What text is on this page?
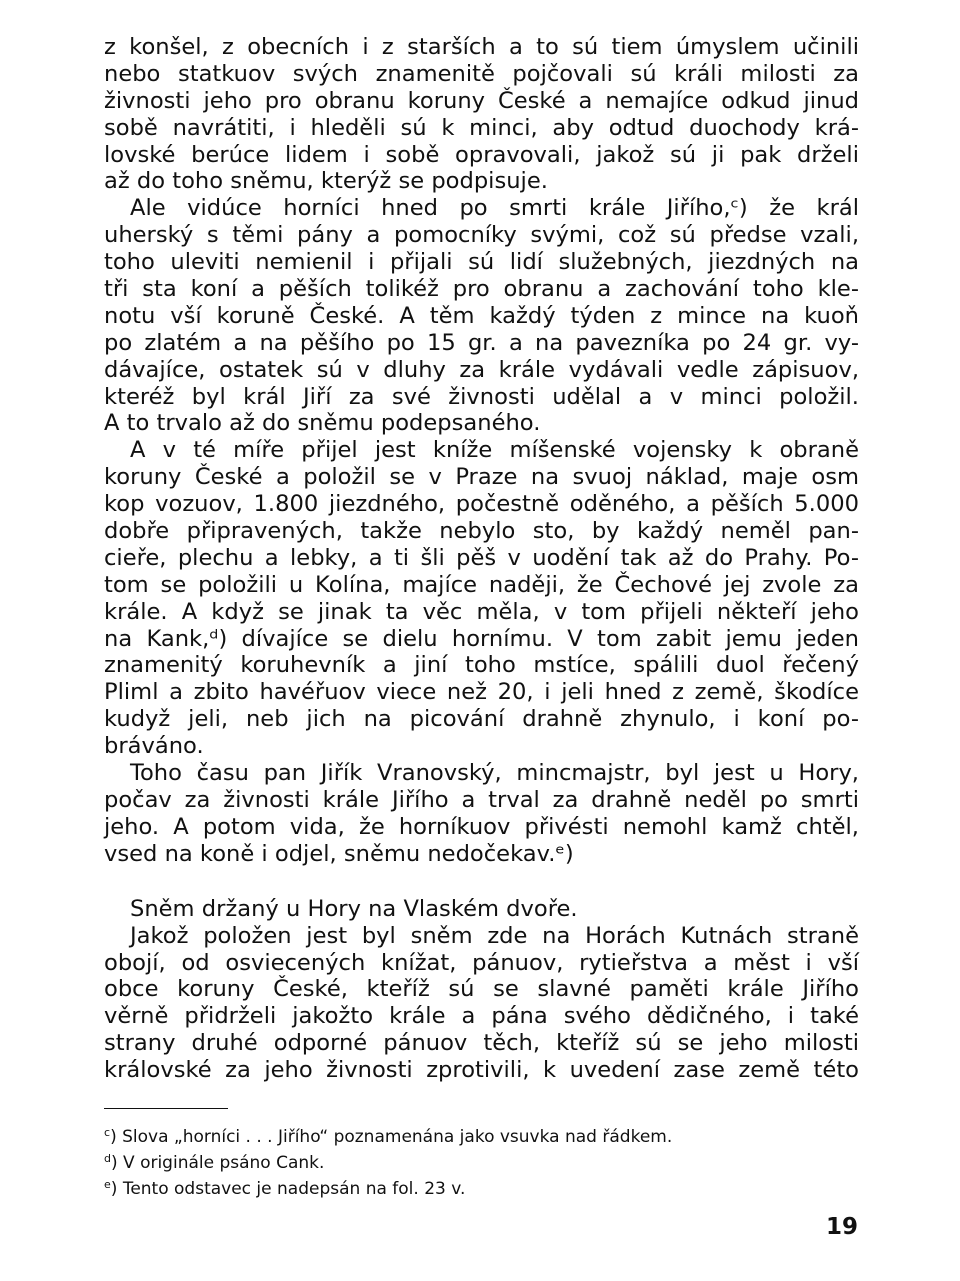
z konšel, z obecních i z starších a to sú tiem úmyslem učinili
nebo statkuov svých znamenitě pojčovali sú králi milosti za
živnosti jeho pro obranu koruny České a nemajíce odkud jinud
sobě navrátiti, i hleděli sú k minci, aby odtud duochody krá-
lovské berúce lidem i sobě opravovali, jakož sú ji pak drželi
až do toho sněmu, kterýž se podpisuje.
Ale vidúce horníci hned po smrti krále Jiřího,ᶜ) že král
uherský s těmi pány a pomocníky svými, což sú předse vzali,
toho uleviti nemienil i přijali sú lidí služebných, jiezdných na
tři sta koní a pěších tolikéž pro obranu a zachování toho kle-
notu vší koruně České. A těm každý týden z mince na kuoň
po zlatém a na pěšího po 15 gr. a na pavezníka po 24 gr. vy-
dávajíce, ostatek sú v dluhy za krále vydávali vedle zápisuov,
kteréž byl král Jiří za své živnosti udělal a v minci položil.
A to trvalo až do sněmu podepsaného.
A v té míře přijel jest kníže míšenské vojensky k obraně
koruny České a položil se v Praze na svuoj náklad, maje osm
kop vozuov, 1.800 jiezdného, počestně oděného, a pěších 5.000
dobře připravených, takže nebylo sto, by každý neměl pan-
cieře, plechu a lebky, a ti šli pěš v uodění tak až do Prahy. Po-
tom se položili u Kolína, majíce naději, že Čechové jej zvole za
krále. A když se jinak ta věc měla, v tom přijeli někteří jeho
na Kank,ᵈ) dívajíce se dielu hornímu. V tom zabit jemu jeden
znamenitý koruhevník a jiní toho mstíce, spálili duol řečený
Pliml a zbito havéřuov viece než 20, i jeli hned z země, škodíce
kudyž jeli, neb jich na picování drahně zhynulo, i koní po-
bráváno.
Toho času pan Jiřík Vranovský, mincmajstr, byl jest u Hory,
počav za živnosti krále Jiřího a trval za drahně neděl po smrti
jeho. A potom vida, že horníkuov přivésti nemohl kamž chtěl,
vsed na koně i odjel, sněmu nedočekav.ᵉ)
Sněm držaný u Hory na Vlaském dvoře.
Jakož položen jest byl sněm zde na Horách Kutnách straně
obojí, od osviecených knížat, pánuov, rytieřstva a měst i vší
obce koruny České, kteříž sú se slavné paměti krále Jiřího
věrně přidrželi jakožto krále a pána svého dědičného, i také
strany druhé odporné pánuov těch, kteříž sú se jeho milosti
královské za jeho živnosti zprotivili, k uvedení zase země této
$^c$) Slova „horníci . . . Jiřího“ poznamenána jako vsuvka nad řádkem.
$^d$) V originále psáno Cank.
$^e$) Tento odstavec je nadepsán na fol. 23 v.
19
